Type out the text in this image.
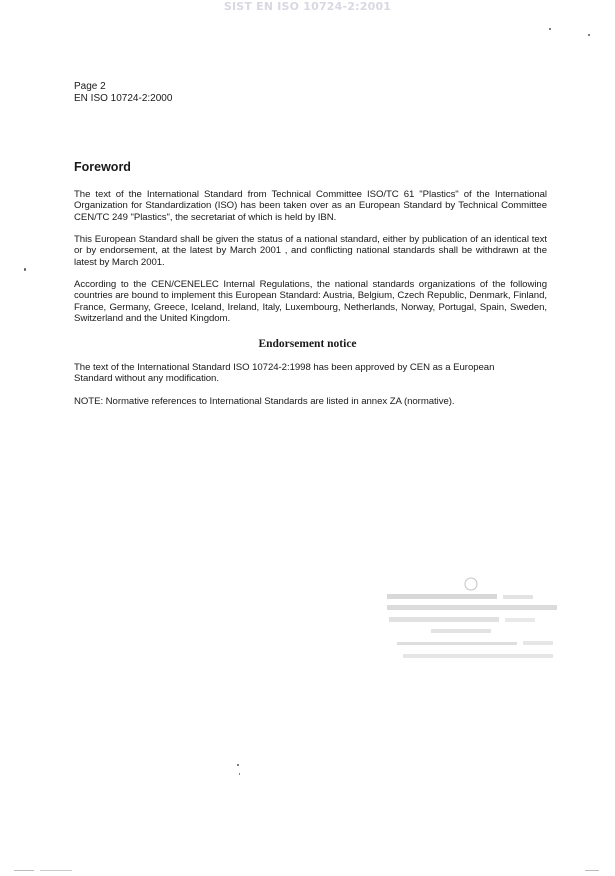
SIST EN ISO 10724-2:2001
Page 2
EN ISO 10724-2:2000
Foreword
The text of the International Standard from Technical Committee ISO/TC 61 "Plastics" of the International Organization for Standardization (ISO) has been taken over as an European Standard by Technical Committee CEN/TC 249 "Plastics", the secretariat of which is held by IBN.
This European Standard shall be given the status of a national standard, either by publication of an identical text or by endorsement, at the latest by March 2001 , and conflicting national standards shall be withdrawn at the latest by March 2001.
According to the CEN/CENELEC Internal Regulations, the national standards organizations of the following countries are bound to implement this European Standard: Austria, Belgium, Czech Republic, Denmark, Finland, France, Germany, Greece, Iceland, Ireland, Italy, Luxembourg, Netherlands, Norway, Portugal, Spain, Sweden, Switzerland and the United Kingdom.
Endorsement notice
The text of the International Standard ISO 10724-2:1998 has been approved by CEN as a European Standard without any modification.
NOTE: Normative references to International Standards are listed in annex ZA (normative).
